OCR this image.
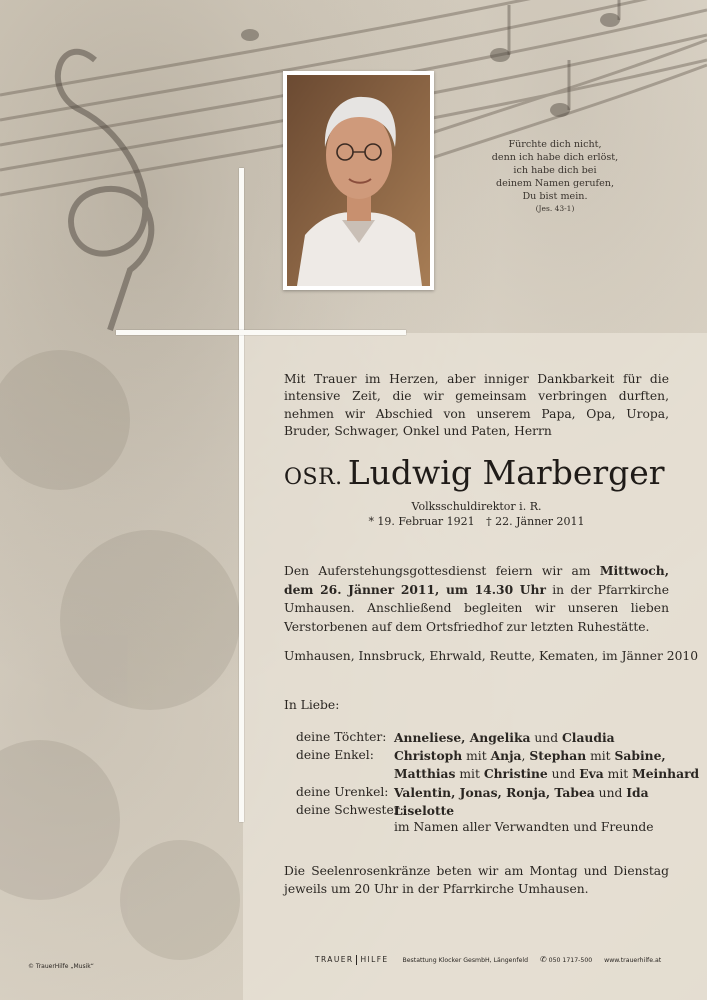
Fürchte dich nicht,
denn ich habe dich erlöst,
ich habe dich bei
deinem Namen gerufen,
Du bist mein.
(Jes. 43-1)
Mit Trauer im Herzen, aber inniger Dankbarkeit für die intensive Zeit, die wir gemeinsam verbringen durften, nehmen wir Abschied von unserem Papa, Opa, Uropa, Bruder, Schwager, Onkel und Paten, Herrn
OSR. Ludwig Marberger
Volksschuldirektor i. R.
* 19. Februar 1921 † 22. Jänner 2011
Den Auferstehungsgottesdienst feiern wir am Mittwoch, dem 26. Jänner 2011, um 14.30 Uhr in der Pfarrkirche Umhausen. Anschließend begleiten wir unseren lieben Verstorbenen auf dem Ortsfriedhof zur letzten Ruhestätte.
Umhausen, Innsbruck, Ehrwald, Reutte, Kematen, im Jänner 2010
In Liebe:
deine Töchter: Anneliese, Angelika und Claudia
deine Enkel:	Christoph mit Anja, Stephan mit Sabine,
Matthias mit Christine und Eva mit Meinhard
deine Urenkel: Valentin, Jonas, Ronja, Tabea und Ida
deine Schwester:
Liselotte
im Namen aller Verwandten und Freunde
Die Seelenrosenkränze beten wir am Montag und Dienstag jeweils um 20 Uhr in der Pfarrkirche Umhausen.
TRAUER HILFE Bestattung Klocker GesmbH, Längenfeld ✆ 050 1717-500 www.trauerhilfe.at
© TrauerHilfe „Musik“
